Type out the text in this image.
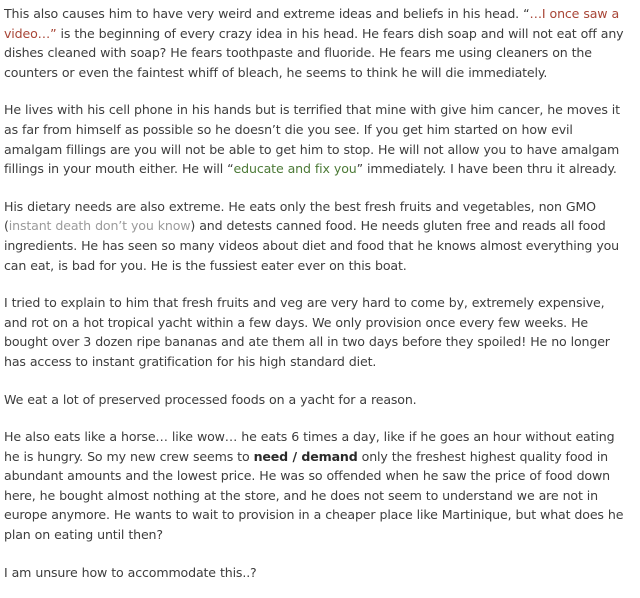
This also causes him to have very weird and extreme ideas and beliefs in his head. “…I once saw a video…” is the beginning of every crazy idea in his head. He fears dish soap and will not eat off any dishes cleaned with soap? He fears toothpaste and fluoride. He fears me using cleaners on the counters or even the faintest whiff of bleach, he seems to think he will die immediately.

He lives with his cell phone in his hands but is terrified that mine with give him cancer, he moves it as far from himself as possible so he doesn’t die you see. If you get him started on how evil amalgam fillings are you will not be able to get him to stop. He will not allow you to have amalgam fillings in your mouth either. He will “educate and fix you” immediately. I have been thru it already.

His dietary needs are also extreme. He eats only the best fresh fruits and vegetables, non GMO (instant death don’t you know) and detests canned food. He needs gluten free and reads all food ingredients. He has seen so many videos about diet and food that he knows almost everything you can eat, is bad for you. He is the fussiest eater ever on this boat.

I tried to explain to him that fresh fruits and veg are very hard to come by, extremely expensive, and rot on a hot tropical yacht within a few days. We only provision once every few weeks. He bought over 3 dozen ripe bananas and ate them all in two days before they spoiled! He no longer has access to instant gratification for his high standard diet.

We eat a lot of preserved processed foods on a yacht for a reason.

He also eats like a horse… like wow… he eats 6 times a day, like if he goes an hour without eating he is hungry. So my new crew seems to need / demand only the freshest highest quality food in abundant amounts and the lowest price. He was so offended when he saw the price of food down here, he bought almost nothing at the store, and he does not seem to understand we are not in europe anymore. He wants to wait to provision in a cheaper place like Martinique, but what does he plan on eating until then?

I am unsure how to accommodate this..?
